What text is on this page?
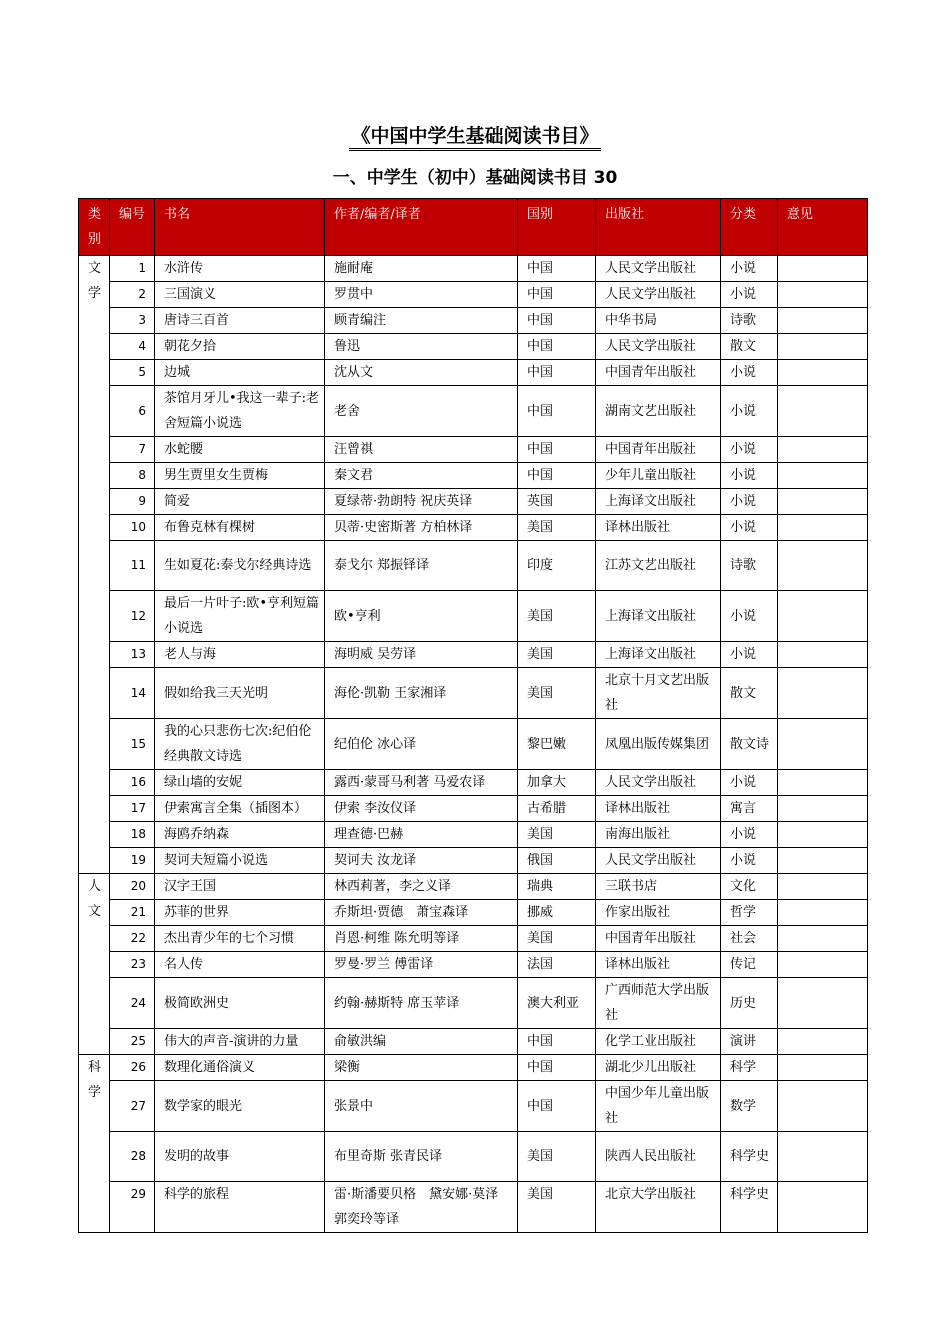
《中国中学生基础阅读书目》
一、中学生（初中）基础阅读书目 30
类别	编号	书名	作者/编者/译者	国别	出版社	分类	意见
文学	1	水浒传	施耐庵	中国	人民文学出版社	小说	
	2	三国演义	罗贯中	中国	人民文学出版社	小说	
	3	唐诗三百首	顾青编注	中国	中华书局	诗歌	
	4	朝花夕拾	鲁迅	中国	人民文学出版社	散文	
	5	边城	沈从文	中国	中国青年出版社	小说	
	6	茶馆月牙儿•我这一辈子:老舍短篇小说选	老舍	中国	湖南文艺出版社	小说	
	7	水蛇腰	汪曾祺	中国	中国青年出版社	小说	
	8	男生贾里女生贾梅	秦文君	中国	少年儿童出版社	小说	
	9	简爱	夏绿蒂·勃朗特 祝庆英译	英国	上海译文出版社	小说	
	10	布鲁克林有棵树	贝蒂·史密斯著 方柏林译	美国	译林出版社	小说	
	11	生如夏花:泰戈尔经典诗选	泰戈尔 郑振铎译	印度	江苏文艺出版社	诗歌	
	12	最后一片叶子:欧•亨利短篇小说选	欧•亨利	美国	上海译文出版社	小说	
	13	老人与海	海明威 吴劳译	美国	上海译文出版社	小说	
	14	假如给我三天光明	海伦·凯勒 王家湘译	美国	北京十月文艺出版社	散文	
	15	我的心只悲伤七次:纪伯伦经典散文诗选	纪伯伦 冰心译	黎巴嫩	凤凰出版传媒集团	散文诗	
	16	绿山墙的安妮	露西·蒙哥马利著 马爱农译	加拿大	人民文学出版社	小说	
	17	伊索寓言全集（插图本）	伊索 李汝仪译	古希腊	译林出版社	寓言	
	18	海鸥乔纳森	理查德·巴赫	美国	南海出版社	小说	
	19	契诃夫短篇小说选	契诃夫 汝龙译	俄国	人民文学出版社	小说	
人文	20	汉字王国	林西莉著，李之义译	瑞典	三联书店	文化	
	21	苏菲的世界	乔斯坦·贾德　萧宝森译	挪威	作家出版社	哲学	
	22	杰出青少年的七个习惯	肖恩·柯维 陈允明等译	美国	中国青年出版社	社会	
	23	名人传	罗曼·罗兰 傅雷译	法国	译林出版社	传记	
	24	极简欧洲史	约翰·赫斯特 席玉苹译	澳大利亚	广西师范大学出版社	历史	
	25	伟大的声音-演讲的力量	俞敏洪编	中国	化学工业出版社	演讲	
科学	26	数理化通俗演义	梁衡	中国	湖北少儿出版社	科学	
	27	数学家的眼光	张景中	中国	中国少年儿童出版社	数学	
	28	发明的故事	布里奇斯 张青民译	美国	陕西人民出版社	科学史	
	29	科学的旅程	雷·斯潘要贝格　黛安娜·莫泽 郭奕玲等译	美国	北京大学出版社	科学史	
